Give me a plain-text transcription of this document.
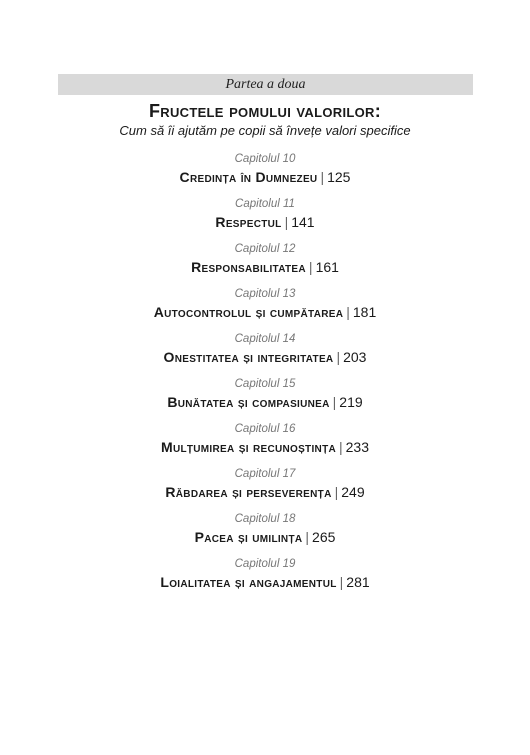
Partea a doua
Fructele pomului valorilor:
Cum să îi ajutăm pe copii să învețe valori specifice
Capitolul 10
Credința în Dumnezeu | 125
Capitolul 11
Respectul | 141
Capitolul 12
Responsabilitatea | 161
Capitolul 13
Autocontrolul și cumpătarea | 181
Capitolul 14
Onestitatea și integritatea | 203
Capitolul 15
Bunătatea și compasiunea | 219
Capitolul 16
Mulțumirea și recunoștința | 233
Capitolul 17
Răbdarea și perseverența | 249
Capitolul 18
Pacea și umilința | 265
Capitolul 19
Loialitatea și angajamentul | 281
